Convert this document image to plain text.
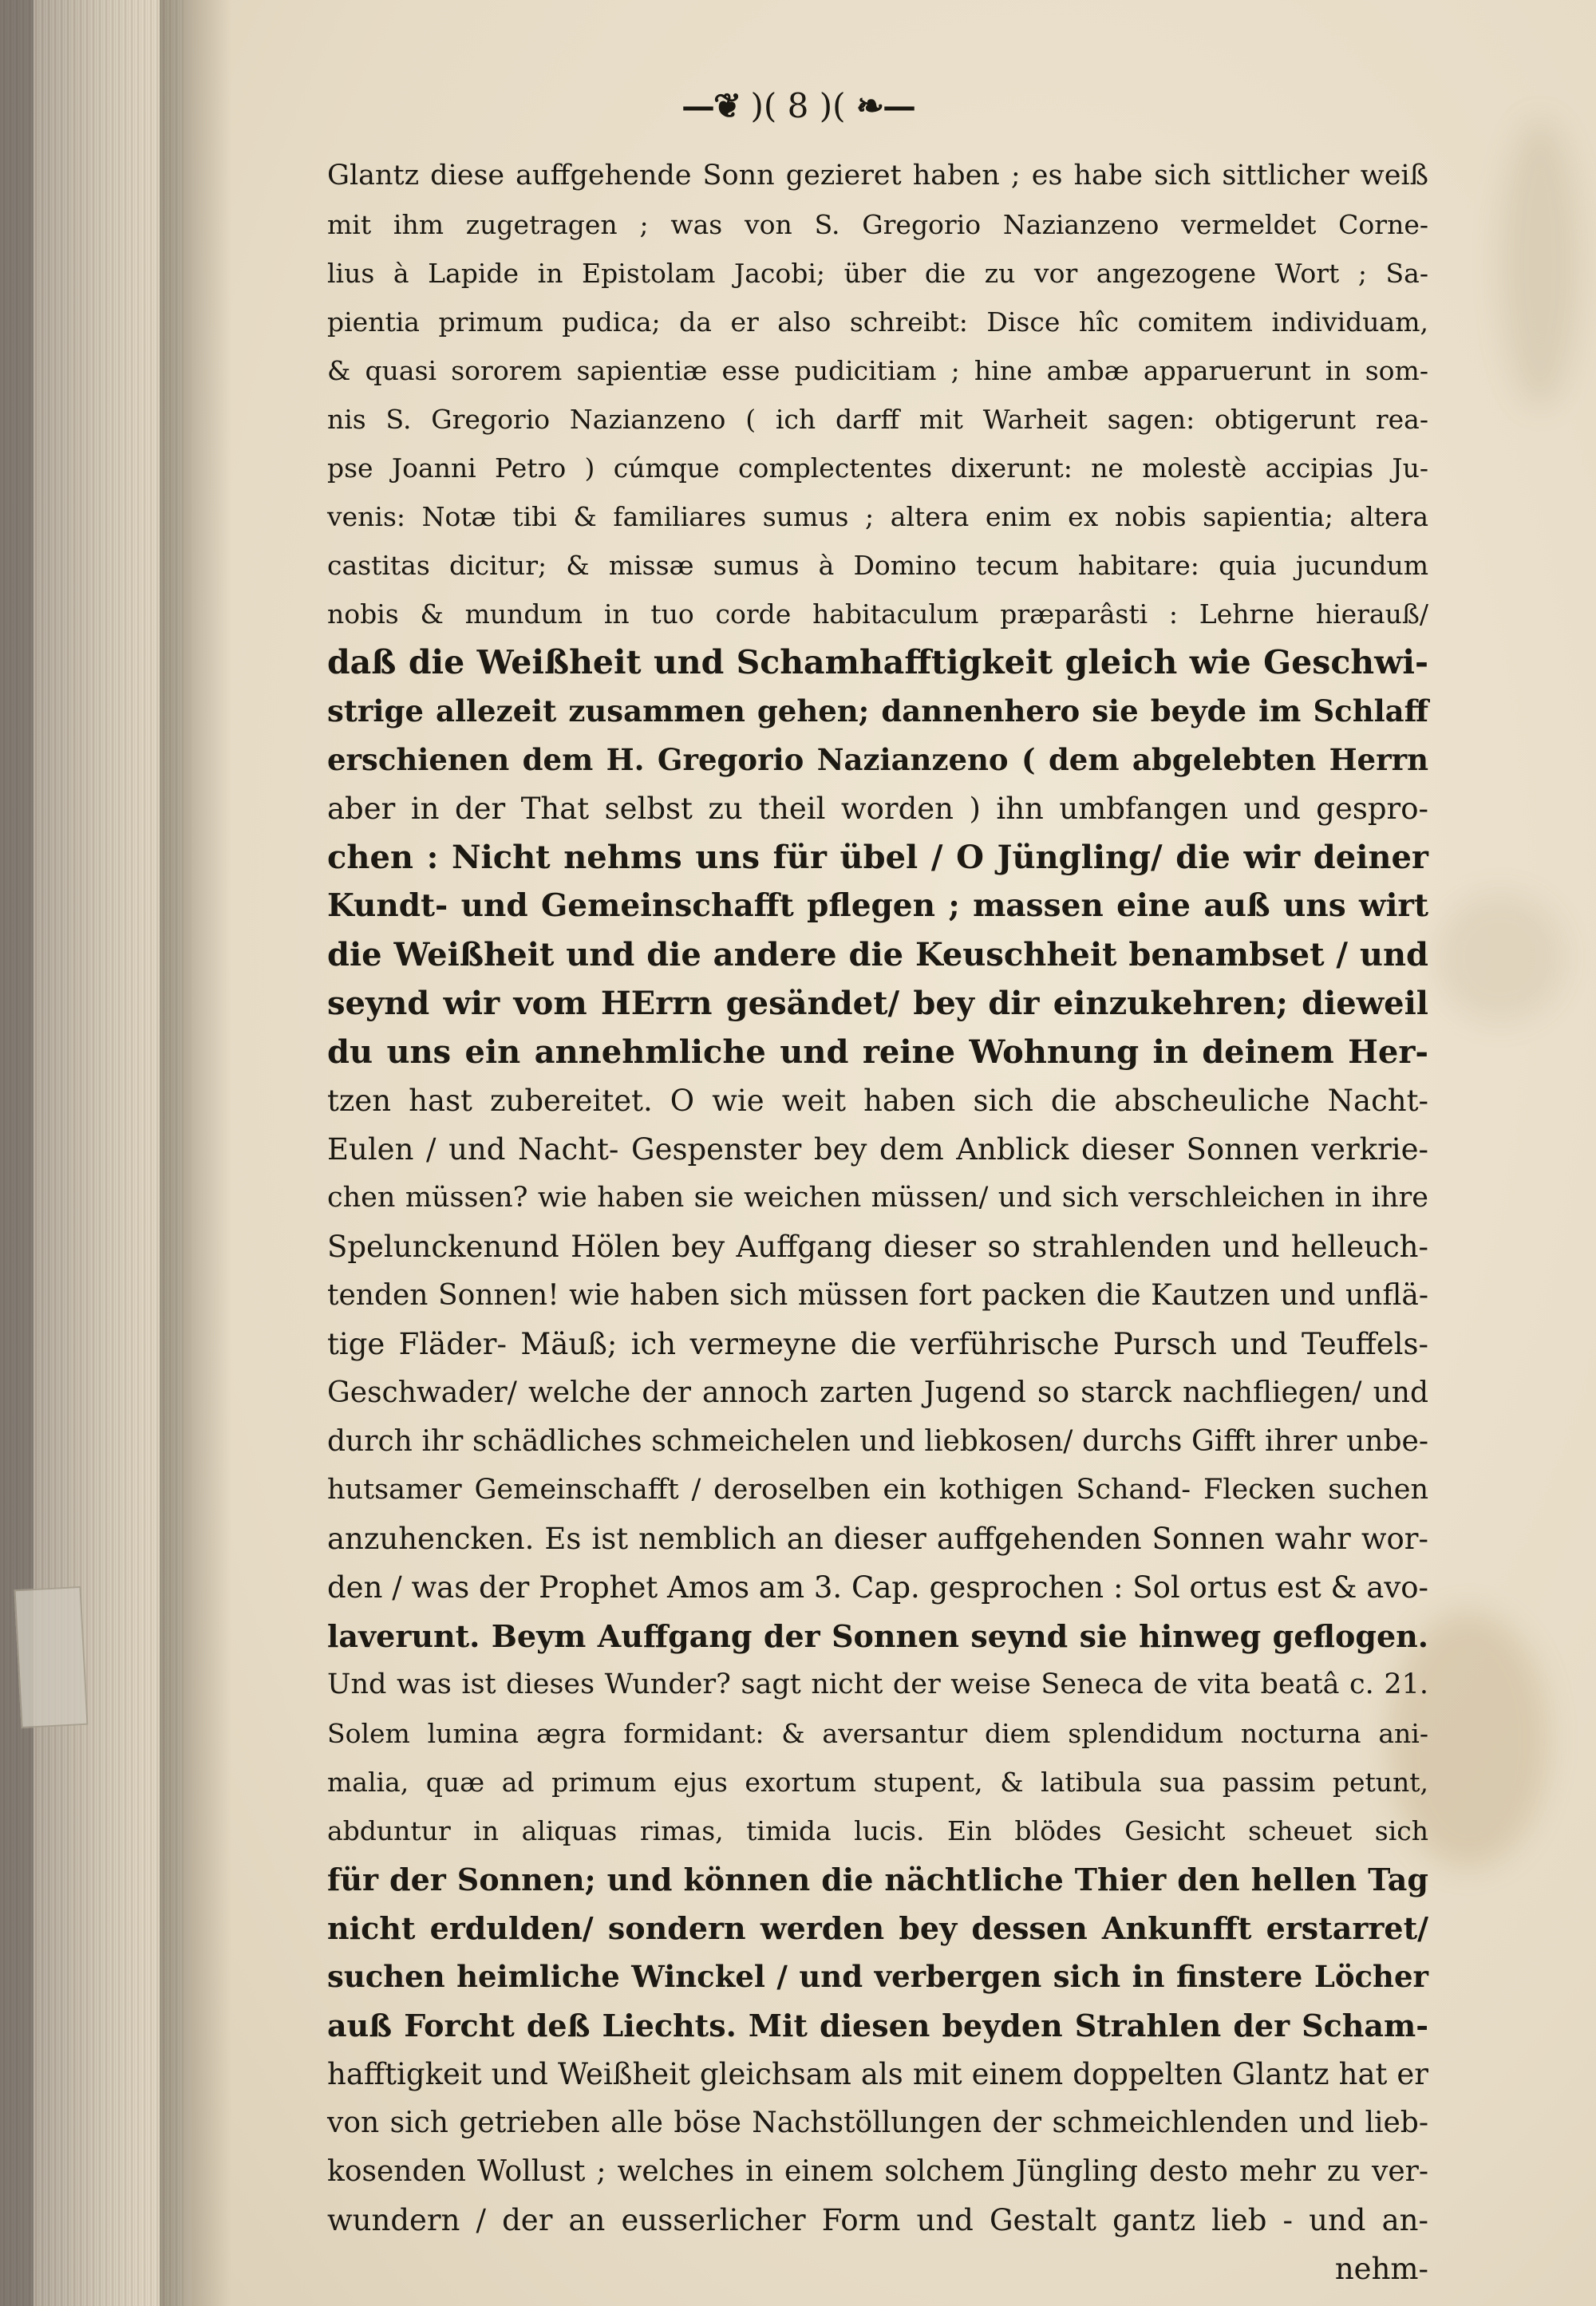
—❦ )( 8 )( ❧—

Glantz diese auffgehende Sonn gezieret haben ; es habe sich sittlicher weiß

mit ihm zugetragen ; was von S. Gregorio Nazianzeno vermeldet Corne-

lius à Lapide in Epistolam Jacobi; über die zu vor angezogene Wort ; Sa-

pientia primum pudica; da er also schreibt: Disce hîc comitem individuam,

& quasi sororem sapientiæ esse pudicitiam ; hine ambæ apparuerunt in som-

nis S. Gregorio Nazianzeno ( ich darff mit Warheit sagen: obtigerunt rea-

pse Joanni Petro ) cúmque complectentes dixerunt: ne molestè accipias Ju-

venis: Notæ tibi & familiares sumus ; altera enim ex nobis sapientia; altera

castitas dicitur; & missæ sumus à Domino tecum habitare: quia jucundum

nobis & mundum in tuo corde habitaculum præparâsti : Lehrne hierauß/

daß die Weißheit und Schamhafftigkeit gleich wie Geschwi-

strige allezeit zusammen gehen; dannenhero sie beyde im Schlaff

erschienen dem H. Gregorio Nazianzeno ( dem abgelebten Herrn

aber in der That selbst zu theil worden ) ihn umbfangen und gespro-

chen : Nicht nehms uns für übel / O Jüngling/ die wir deiner

Kundt- und Gemeinschafft pflegen ; massen eine auß uns wirt

die Weißheit und die andere die Keuschheit benambset / und

seynd wir vom HErrn gesändet/ bey dir einzukehren; dieweil

du uns ein annehmliche und reine Wohnung in deinem Her-

tzen hast zubereitet. O wie weit haben sich die abscheuliche Nacht-

Eulen / und Nacht- Gespenster bey dem Anblick dieser Sonnen verkrie-

chen müssen? wie haben sie weichen müssen/ und sich verschleichen in ihre

Spelunckenund Hölen bey Auffgang dieser so strahlenden und helleuch-

tenden Sonnen! wie haben sich müssen fort packen die Kautzen und unflä-

tige Fläder- Mäuß; ich vermeyne die verführische Pursch und Teuffels-

Geschwader/ welche der annoch zarten Jugend so starck nachfliegen/ und

durch ihr schädliches schmeichelen und liebkosen/ durchs Gifft ihrer unbe-

hutsamer Gemeinschafft / deroselben ein kothigen Schand- Flecken suchen

anzuhencken. Es ist nemblich an dieser auffgehenden Sonnen wahr wor-

den / was der Prophet Amos am 3. Cap. gesprochen : Sol ortus est & avo-

laverunt. Beym Auffgang der Sonnen seynd sie hinweg geflogen.

Und was ist dieses Wunder? sagt nicht der weise Seneca de vita beatâ c. 21.

Solem lumina ægra formidant: & aversantur diem splendidum nocturna ani-

malia, quæ ad primum ejus exortum stupent, & latibula sua passim petunt,

abduntur in aliquas rimas, timida lucis. Ein blödes Gesicht scheuet sich

für der Sonnen; und können die nächtliche Thier den hellen Tag

nicht erdulden/ sondern werden bey dessen Ankunfft erstarret/

suchen heimliche Winckel / und verbergen sich in finstere Löcher

auß Forcht deß Liechts. Mit diesen beyden Strahlen der Scham-

hafftigkeit und Weißheit gleichsam als mit einem doppelten Glantz hat er

von sich getrieben alle böse Nachstöllungen der schmeichlenden und lieb-

kosenden Wollust ; welches in einem solchem Jüngling desto mehr zu ver-

wundern / der an eusserlicher Form und Gestalt gantz lieb - und an-

nehm-
